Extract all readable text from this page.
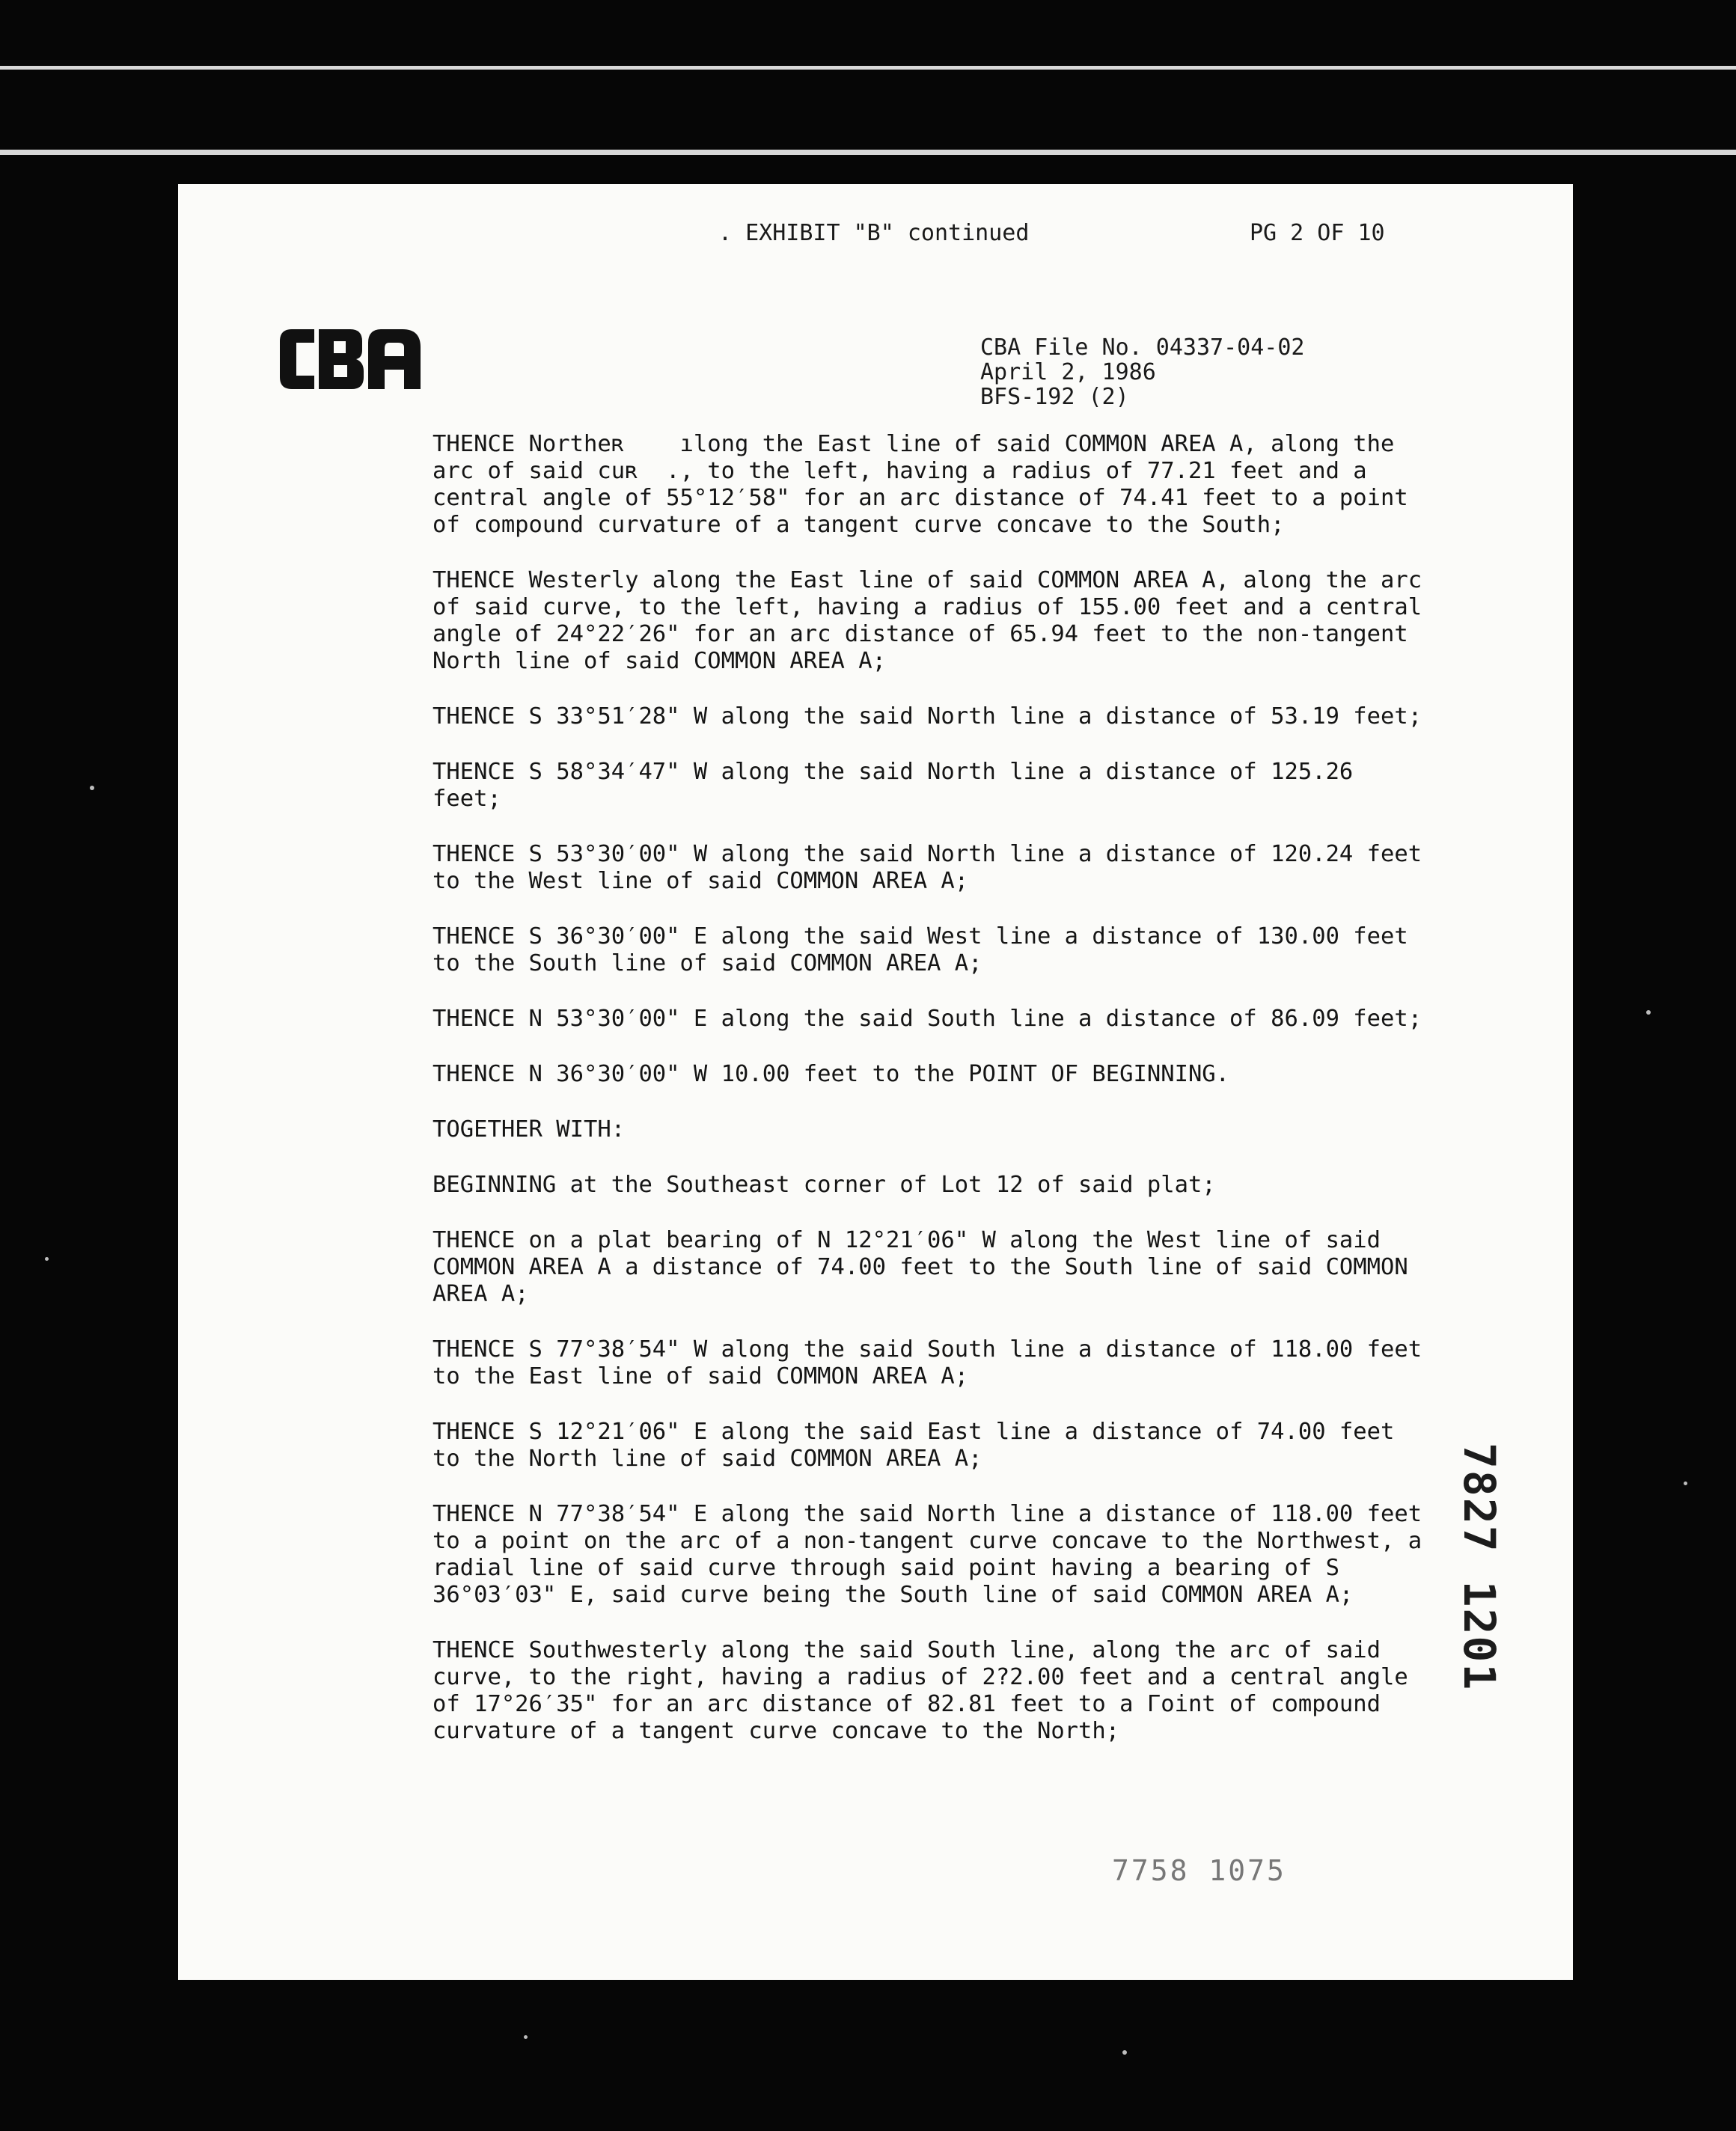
. EXHIBIT "B" continued	PG 2 OF 10
CBA File No. 04337-04-02
April 2, 1986
BFS-192 (2)

THENCE Northeʀ    ılong the East line of said COMMON AREA A, along the arc of said cuʀ  ., to the left, having a radius of 77.21 feet and a central angle of 55°12′58" for an arc distance of 74.41 feet to a point of compound curvature of a tangent curve concave to the South;

THENCE Westerly along the East line of said COMMON AREA A, along the arc of said curve, to the left, having a radius of 155.00 feet and a central angle of 24°22′26" for an arc distance of 65.94 feet to the non-tangent North line of said COMMON AREA A;

THENCE S 33°51′28" W along the said North line a distance of 53.19 feet;

THENCE S 58°34′47" W along the said North line a distance of 125.26 feet;

THENCE S 53°30′00" W along the said North line a distance of 120.24 feet to the West line of said COMMON AREA A;

THENCE S 36°30′00" E along the said West line a distance of 130.00 feet to the South line of said COMMON AREA A;

THENCE N 53°30′00" E along the said South line a distance of 86.09 feet;

THENCE N 36°30′00" W 10.00 feet to the POINT OF BEGINNING.

TOGETHER WITH:

BEGINNING at the Southeast corner of Lot 12 of said plat;

THENCE on a plat bearing of N 12°21′06" W along the West line of said COMMON AREA A a distance of 74.00 feet to the South line of said COMMON AREA A;

THENCE S 77°38′54" W along the said South line a distance of 118.00 feet to the East line of said COMMON AREA A;

THENCE S 12°21′06" E along the said East line a distance of 74.00 feet to the North line of said COMMON AREA A;

THENCE N 77°38′54" E along the said North line a distance of 118.00 feet to a point on the arc of a non-tangent curve concave to the Northwest, a radial line of said curve through said point having a bearing of S 36°03′03" E, said curve being the South line of said COMMON AREA A;

THENCE Southwesterly along the said South line, along the arc of said curve, to the right, having a radius of 2?2.00 feet and a central angle of 17°26′35" for an arc distance of 82.81 feet to a Γoint of compound curvature of a tangent curve concave to the North;

7827 1201
7758 1075
